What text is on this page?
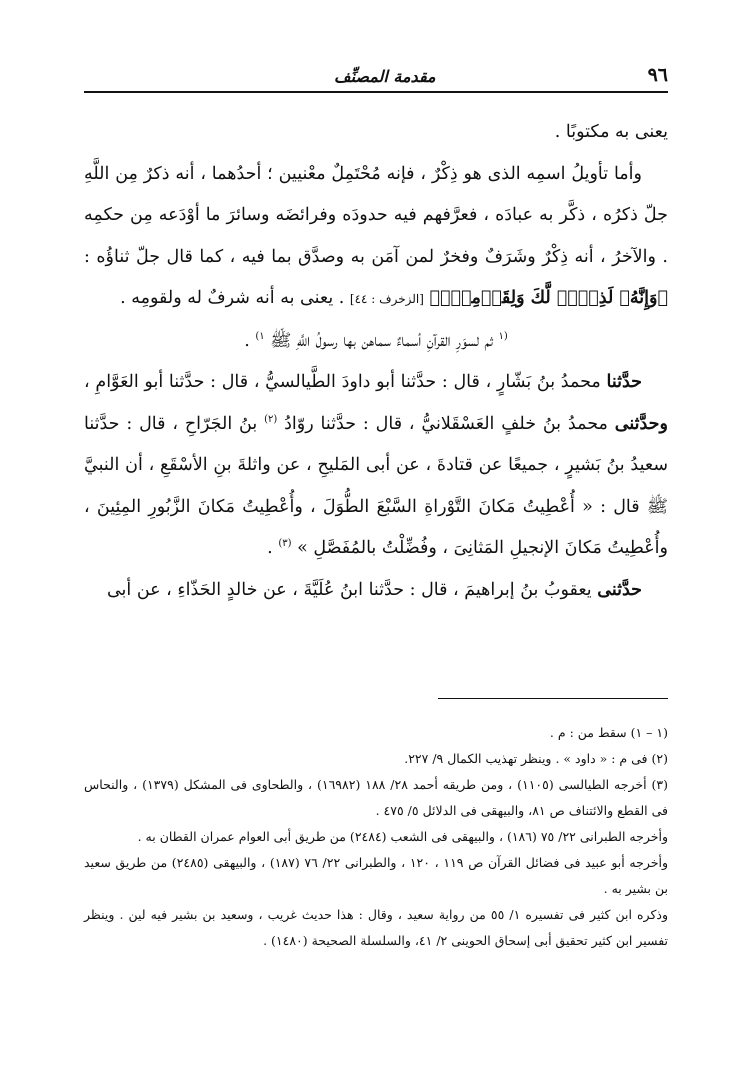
٩٦
مقدمة المصنِّف

يعنى به مكتوبًا .

وأما تأويلُ اسمِه الذى هو ذِكْرٌ ، فإنه مُحْتَمِلٌ معْنيين ؛ أحدُهما ، أنه ذكرٌ مِن اللَّهِ جلّ ذكرُه ، ذكَّر به عبادَه ، فعرَّفهم فيه حدودَه وفرائضَه وسائرَ ما أوْدَعه مِن حكمِه . والآخرُ ، أنه ذِكْرٌ وشَرَفٌ وفخرٌ لمن آمَن به وصدَّق بما فيه ، كما قال جلّ ثناؤُه : ﴿وَإِنَّهُۥ لَذِكۡرٞ لَّكَ وَلِقَوۡمِكَۖ﴾ [الزخرف : ٤٤] . يعنى به أنه شرفٌ له ولقومِه .

$^{(١}$ ثم لسوَرِ القرآنِ أسماءٌ سماهن بها رسولُ اللَّهِ ﷺ $^{١)}$ .

حدَّثنا محمدُ بنُ بَشّارٍ ، قال : حدَّثنا أبو داودَ الطَّيالسيُّ ، قال : حدَّثنا أبو العَوَّامِ ، وحدَّثنى محمدُ بنُ خلفٍ العَسْقَلانيُّ ، قال : حدَّثنا روّادُ $^{(٢)}$ بنُ الجَرّاحِ ، قال : حدَّثنا سعيدُ بنُ بَشيرٍ ، جميعًا عن قتادةَ ، عن أبى المَليحِ ، عن واثلةَ بنِ الأسْقَعِ ، أن النبيَّ ﷺ قال : « أُعْطِيتُ مَكانَ التَّوْراةِ السَّبْعَ الطُّوَلَ ، وأُعْطِيتُ مَكانَ الزَّبُورِ المِئِينَ ، وأُعْطِيتُ مَكانَ الإنجيلِ المَثانِىَ ، وفُضِّلْتُ بالمُفَصَّلِ » $^{(٣)}$ .

حدَّثنى يعقوبُ بنُ إبراهيمَ ، قال : حدَّثنا ابنُ عُلَيَّةَ ، عن خالدٍ الحَذّاءِ ، عن أبى

(١ – ١) سقط من : م .

(٢) فى م : « داود » . وينظر تهذيب الكمال ٩/ ٢٢٧.

(٣) أخرجه الطيالسى (١١٠٥) ، ومن طريقه أحمد ٢٨/ ١٨٨ (١٦٩٨٢) ، والطحاوى فى المشكل (١٣٧٩) ، والنحاس فى القطع والائتناف ص ٨١، والبيهقى فى الدلائل ٥/ ٤٧٥ .

وأخرجه الطبرانى ٢٢/ ٧٥ (١٨٦) ، والبيهقى فى الشعب (٢٤٨٤) من طريق أبى العوام عمران القطان به .

وأخرجه أبو عبيد فى فضائل القرآن ص ١١٩ ، ١٢٠ ، والطبرانى ٢٢/ ٧٦ (١٨٧) ، والبيهقى (٢٤٨٥) من طريق سعيد بن بشير به .

وذكره ابن كثير فى تفسيره ١/ ٥٥ من رواية سعيد ، وقال : هذا حديث غريب ، وسعيد بن بشير فيه لين . وينظر تفسير ابن كثير تحقيق أبى إسحاق الحوينى ٢/ ٤١، والسلسلة الصحيحة (١٤٨٠) .
